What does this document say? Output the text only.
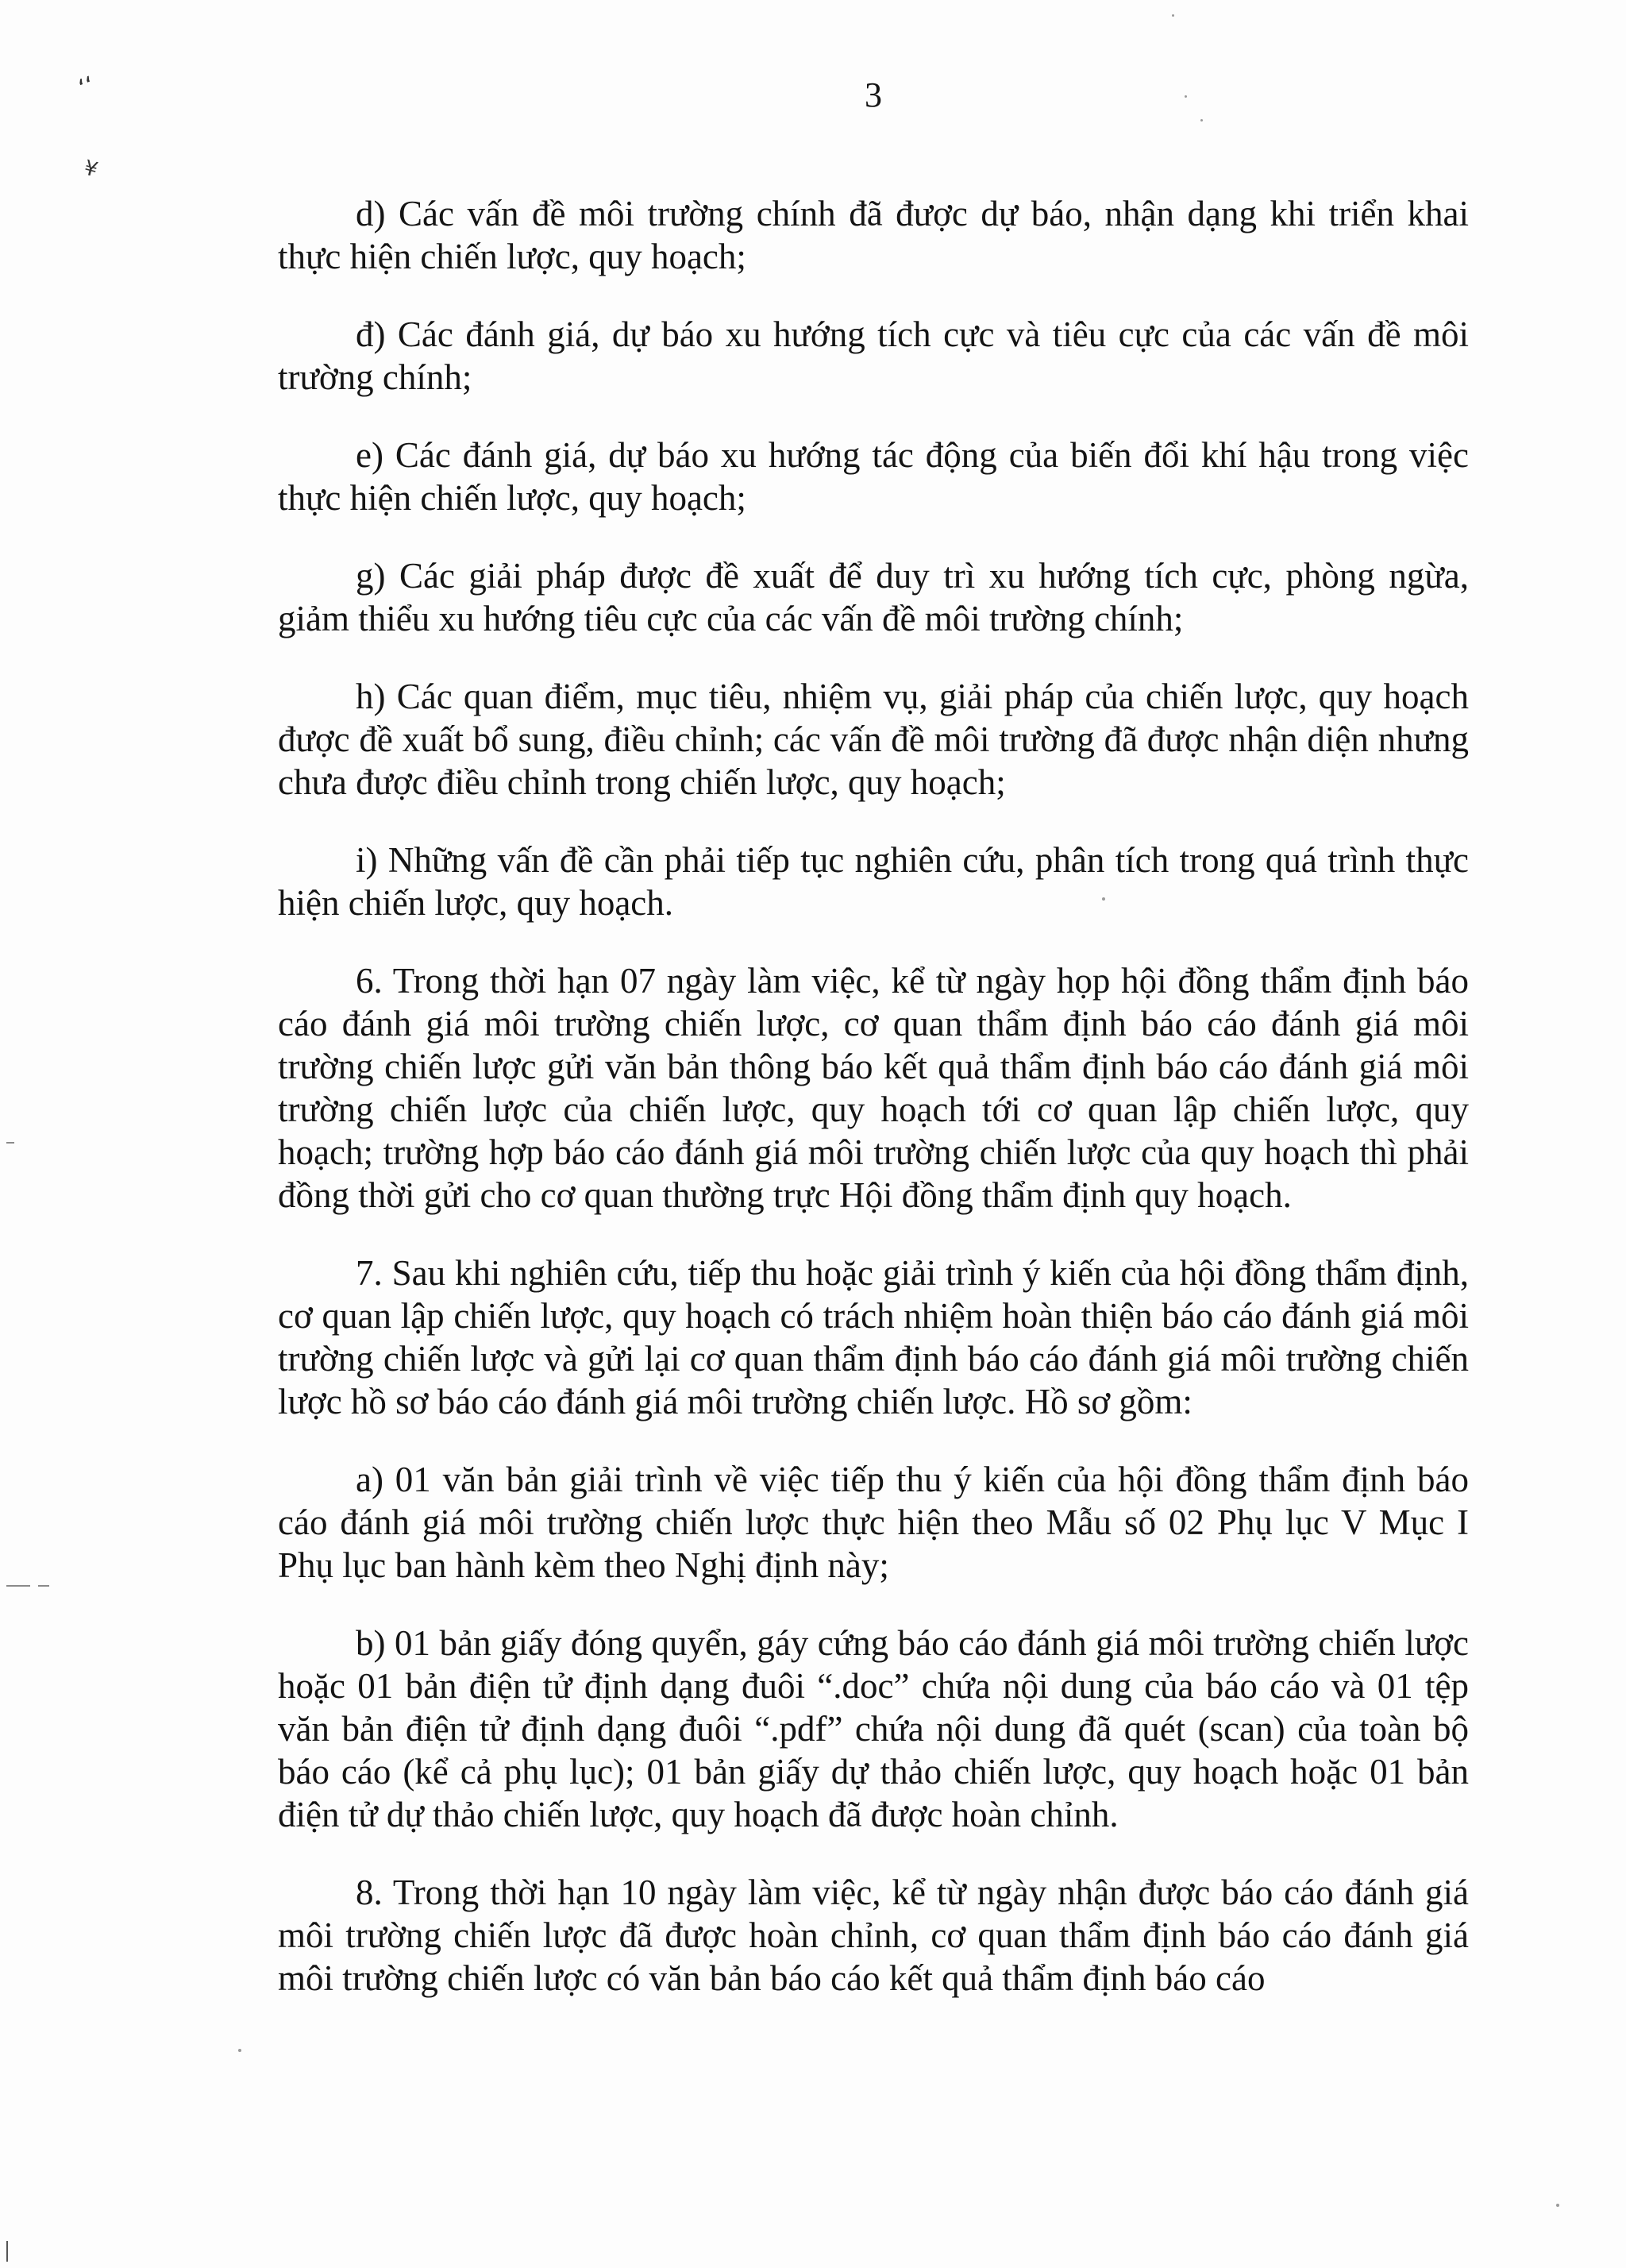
‘ʻ
¥
3

d) Các vấn đề môi trường chính đã được dự báo, nhận dạng khi triển khai thực hiện chiến lược, quy hoạch;

đ) Các đánh giá, dự báo xu hướng tích cực và tiêu cực của các vấn đề môi trường chính;

e) Các đánh giá, dự báo xu hướng tác động của biến đổi khí hậu trong việc thực hiện chiến lược, quy hoạch;

g) Các giải pháp được đề xuất để duy trì xu hướng tích cực, phòng ngừa, giảm thiểu xu hướng tiêu cực của các vấn đề môi trường chính;

h) Các quan điểm, mục tiêu, nhiệm vụ, giải pháp của chiến lược, quy hoạch được đề xuất bổ sung, điều chỉnh; các vấn đề môi trường đã được nhận diện nhưng chưa được điều chỉnh trong chiến lược, quy hoạch;

i) Những vấn đề cần phải tiếp tục nghiên cứu, phân tích trong quá trình thực hiện chiến lược, quy hoạch.

6. Trong thời hạn 07 ngày làm việc, kể từ ngày họp hội đồng thẩm định báo cáo đánh giá môi trường chiến lược, cơ quan thẩm định báo cáo đánh giá môi trường chiến lược gửi văn bản thông báo kết quả thẩm định báo cáo đánh giá môi trường chiến lược của chiến lược, quy hoạch tới cơ quan lập chiến lược, quy hoạch; trường hợp báo cáo đánh giá môi trường chiến lược của quy hoạch thì phải đồng thời gửi cho cơ quan thường trực Hội đồng thẩm định quy hoạch.

7. Sau khi nghiên cứu, tiếp thu hoặc giải trình ý kiến của hội đồng thẩm định, cơ quan lập chiến lược, quy hoạch có trách nhiệm hoàn thiện báo cáo đánh giá môi trường chiến lược và gửi lại cơ quan thẩm định báo cáo đánh giá môi trường chiến lược hồ sơ báo cáo đánh giá môi trường chiến lược. Hồ sơ gồm:

a) 01 văn bản giải trình về việc tiếp thu ý kiến của hội đồng thẩm định báo cáo đánh giá môi trường chiến lược thực hiện theo Mẫu số 02 Phụ lục V Mục I Phụ lục ban hành kèm theo Nghị định này;

b) 01 bản giấy đóng quyển, gáy cứng báo cáo đánh giá môi trường chiến lược hoặc 01 bản điện tử định dạng đuôi “.doc” chứa nội dung của báo cáo và 01 tệp văn bản điện tử định dạng đuôi “.pdf” chứa nội dung đã quét (scan) của toàn bộ báo cáo (kể cả phụ lục); 01 bản giấy dự thảo chiến lược, quy hoạch hoặc 01 bản điện tử dự thảo chiến lược, quy hoạch đã được hoàn chỉnh.

8. Trong thời hạn 10 ngày làm việc, kể từ ngày nhận được báo cáo đánh giá môi trường chiến lược đã được hoàn chỉnh, cơ quan thẩm định báo cáo đánh giá môi trường chiến lược có văn bản báo cáo kết quả thẩm định báo cáo
